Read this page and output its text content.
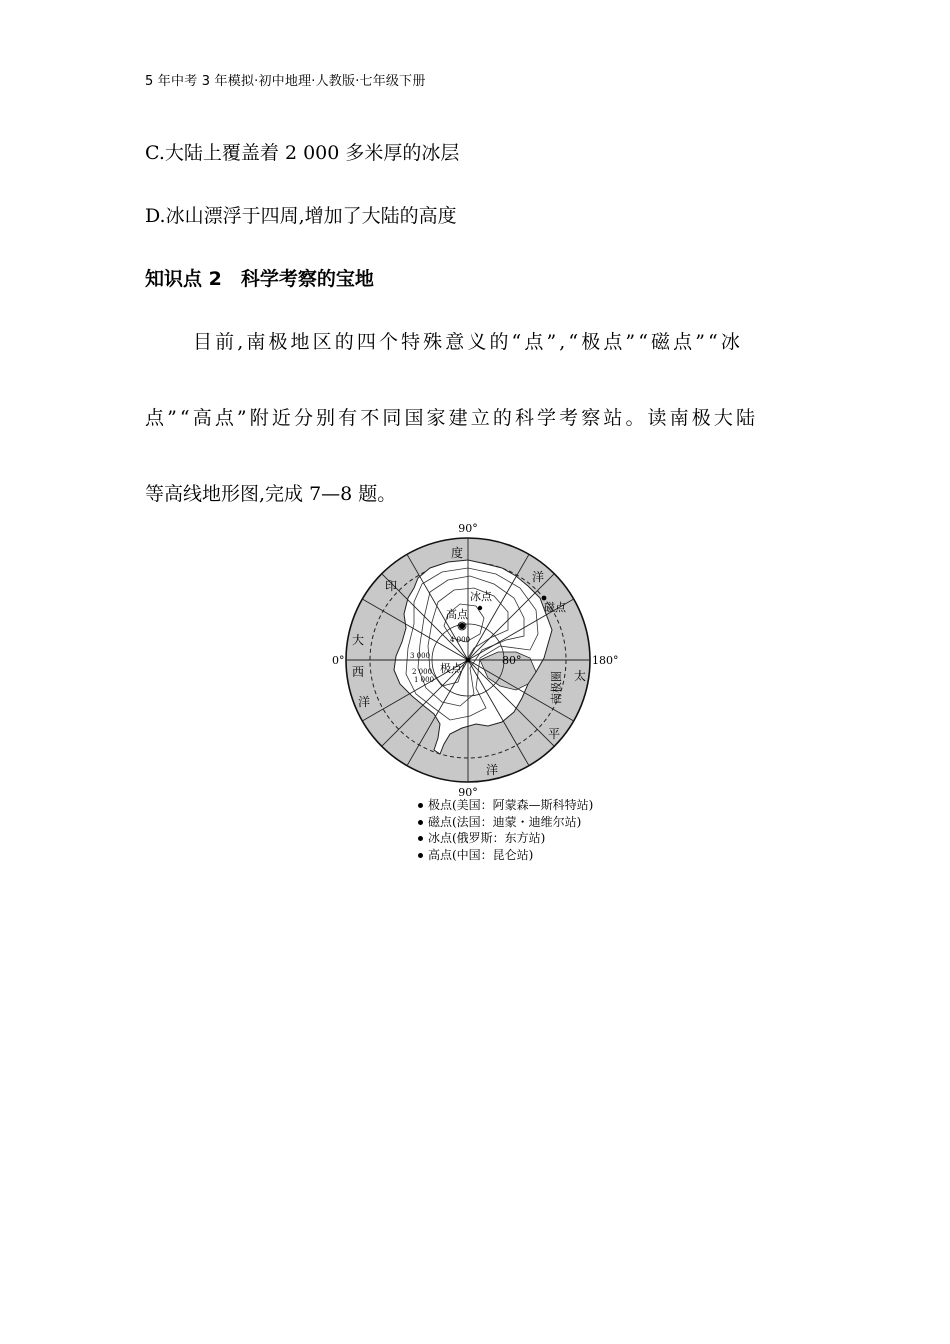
5 年中考 3 年模拟·初中地理·人教版·七年级下册
C.大陆上覆盖着 2 000 多米厚的冰层
D.冰山漂浮于四周,增加了大陆的高度
知识点 2　科学考察的宝地
目前,南极地区的四个特殊意义的“点”,“极点”“磁点”“冰
点”“高点”附近分别有不同国家建立的科学考察站。读南极大陆
等高线地形图,完成 7—8 题。
90°
90°
0°	180°
80°
印
度
洋
大
西
洋
太
平
洋
南极圈
冰点
高点
磁点
极点
4 000
3 000
2 000
1 000
极点(美国：阿蒙森—斯科特站)
磁点(法国：迪蒙・迪维尔站)
冰点(俄罗斯：东方站)
高点(中国：昆仑站)
